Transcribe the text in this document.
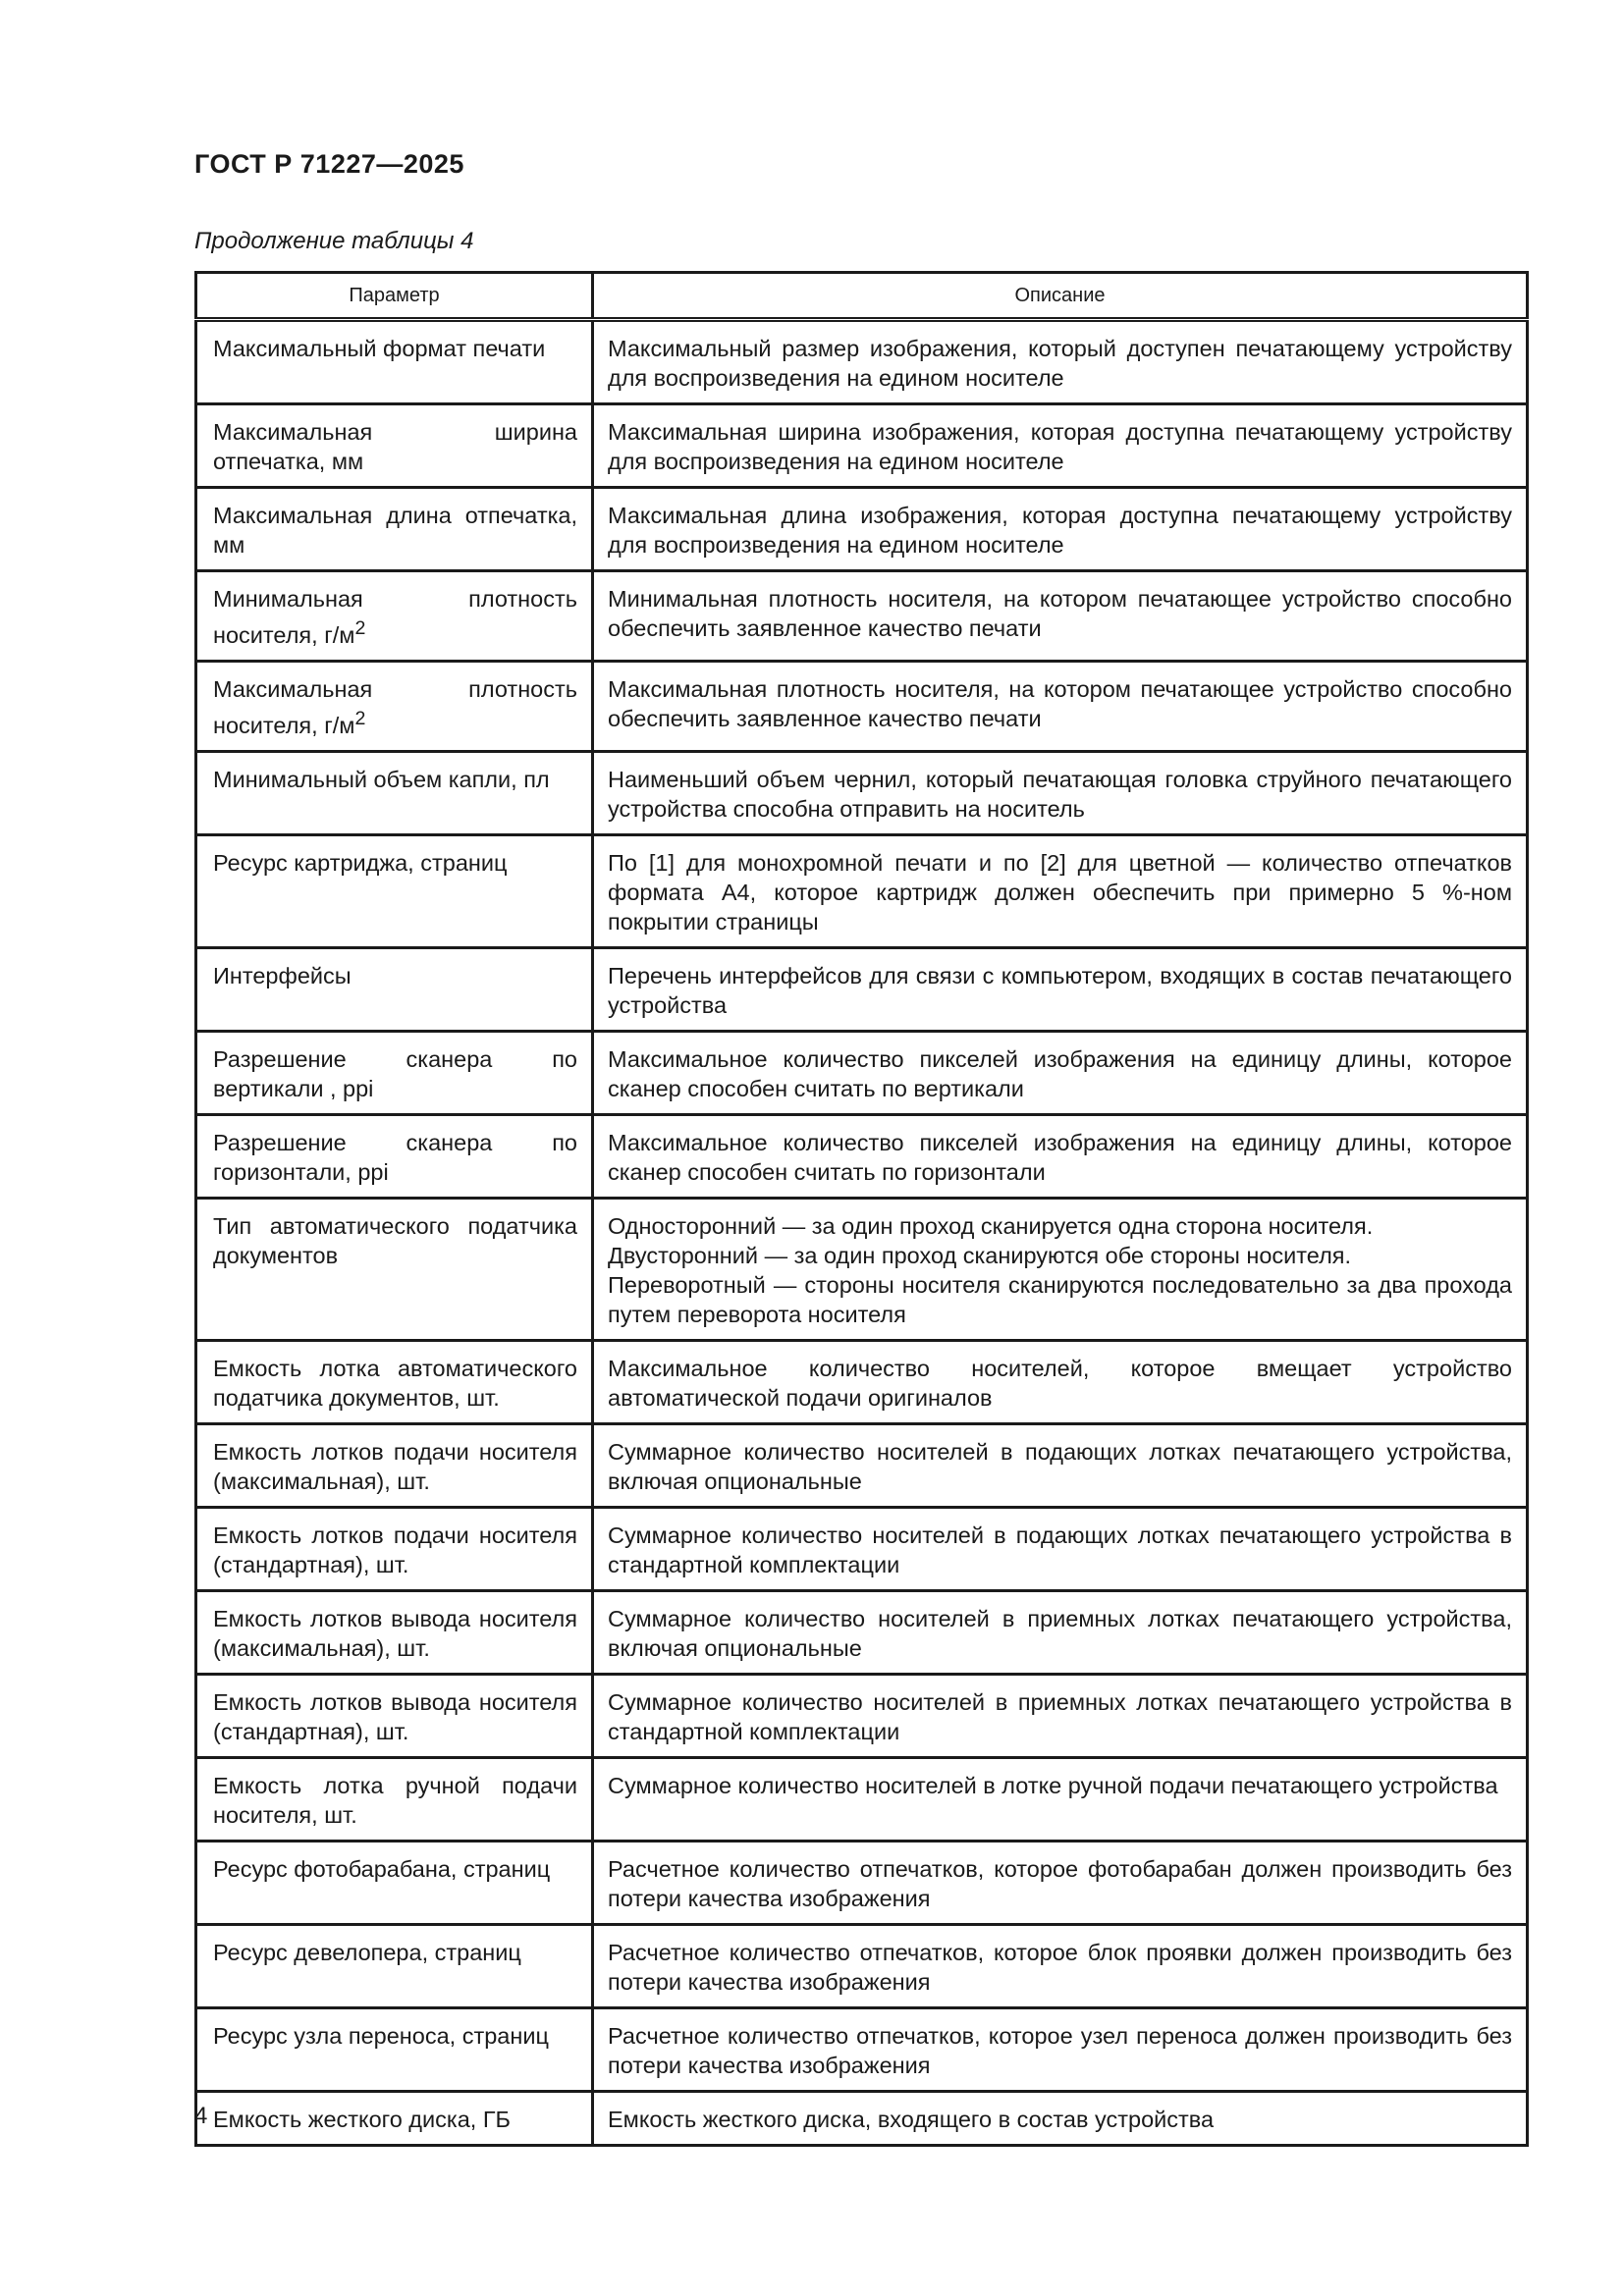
ГОСТ Р 71227—2025
Продолжение таблицы 4
Параметр	Описание
Максимальный формат печати	Максимальный размер изображения, который доступен печатающему устройству для воспроизведения на едином носителе

Максимальная ширина отпечатка, мм	Максимальная ширина изображения, которая доступна печатающему устройству для воспроизведения на едином носителе

Максимальная длина отпечатка, мм	Максимальная длина изображения, которая доступна печатающему устройству для воспроизведения на едином носителе

Минимальная плотность носителя, $г/м^2$	Минимальная плотность носителя, на котором печатающее устройство способно обеспечить заявленное качество печати

Максимальная плотность носителя, $г/м^2$	Максимальная плотность носителя, на котором печатающее устройство способно обеспечить заявленное качество печати

Минимальный объем капли, пл	Наименьший объем чернил, который печатающая головка струйного печатающего устройства способна отправить на носитель

Ресурс картриджа, страниц	По [1] для монохромной печати и по [2] для цветной — количество отпечатков формата А4, которое картридж должен обеспечить при примерно 5 %-ном покрытии страницы

Интерфейсы	Перечень интерфейсов для связи с компьютером, входящих в состав печатающего устройства

Разрешение сканера по вертикали , ppi	Максимальное количество пикселей изображения на единицу длины, которое сканер способен считать по вертикали

Разрешение сканера по горизонтали, ppi	Максимальное количество пикселей изображения на единицу длины, которое сканер способен считать по горизонтали

Тип автоматического податчика документов	Односторонний — за один проход сканируется одна сторона носителя.
Двусторонний — за один проход сканируются обе стороны носителя.
Переворотный — стороны носителя сканируются последовательно за два прохода путем переворота носителя

Емкость лотка автоматического податчика документов, шт.	Максимальное количество носителей, которое вмещает устройство автоматической подачи оригиналов

Емкость лотков подачи носителя (максимальная), шт.	Суммарное количество носителей в подающих лотках печатающего устройства, включая опциональные

Емкость лотков подачи носителя (стандартная), шт.	Суммарное количество носителей в подающих лотках печатающего устройства в стандартной комплектации

Емкость лотков вывода носителя (максимальная), шт.	Суммарное количество носителей в приемных лотках печатающего устройства, включая опциональные

Емкость лотков вывода носителя (стандартная), шт.	Суммарное количество носителей в приемных лотках печатающего устройства в стандартной комплектации

Емкость лотка ручной подачи носителя, шт.	Суммарное количество носителей в лотке ручной подачи печатающего устройства

Ресурс фотобарабана, страниц	Расчетное количество отпечатков, которое фотобарабан должен производить без потери качества изображения

Ресурс девелопера, страниц	Расчетное количество отпечатков, которое блок проявки должен производить без потери качества изображения

Ресурс узла переноса, страниц	Расчетное количество отпечатков, которое узел переноса должен производить без потери качества изображения

Емкость жесткого диска, ГБ	Емкость жесткого диска, входящего в состав устройства
4
